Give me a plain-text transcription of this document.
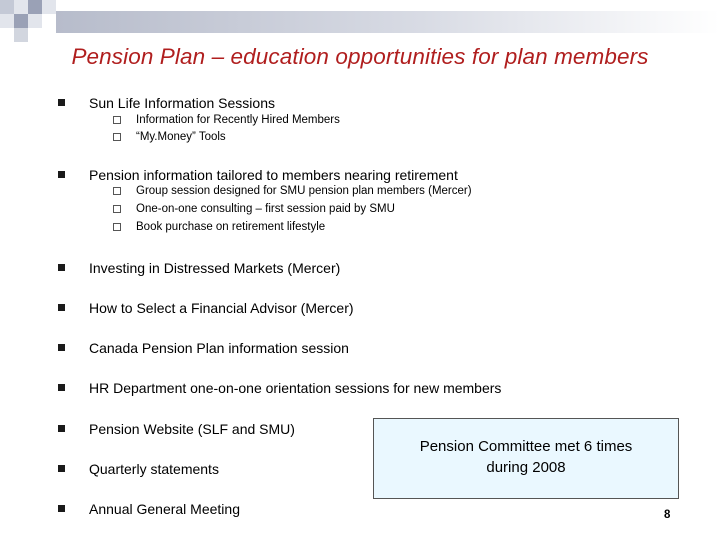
Pension Plan – education opportunities for plan members
Sun Life Information Sessions
Information for Recently Hired Members
“My.Money” Tools
Pension information tailored to members nearing retirement
Group session designed for SMU pension plan members (Mercer)
One-on-one consulting – first session paid by SMU
Book purchase on retirement lifestyle
Investing in Distressed Markets (Mercer)
How to Select a Financial Advisor (Mercer)
Canada Pension Plan information session
HR Department one-on-one orientation sessions for new members
Pension Website (SLF and SMU)
Quarterly statements
Annual General Meeting
Pension Committee met 6 times
during 2008
8
